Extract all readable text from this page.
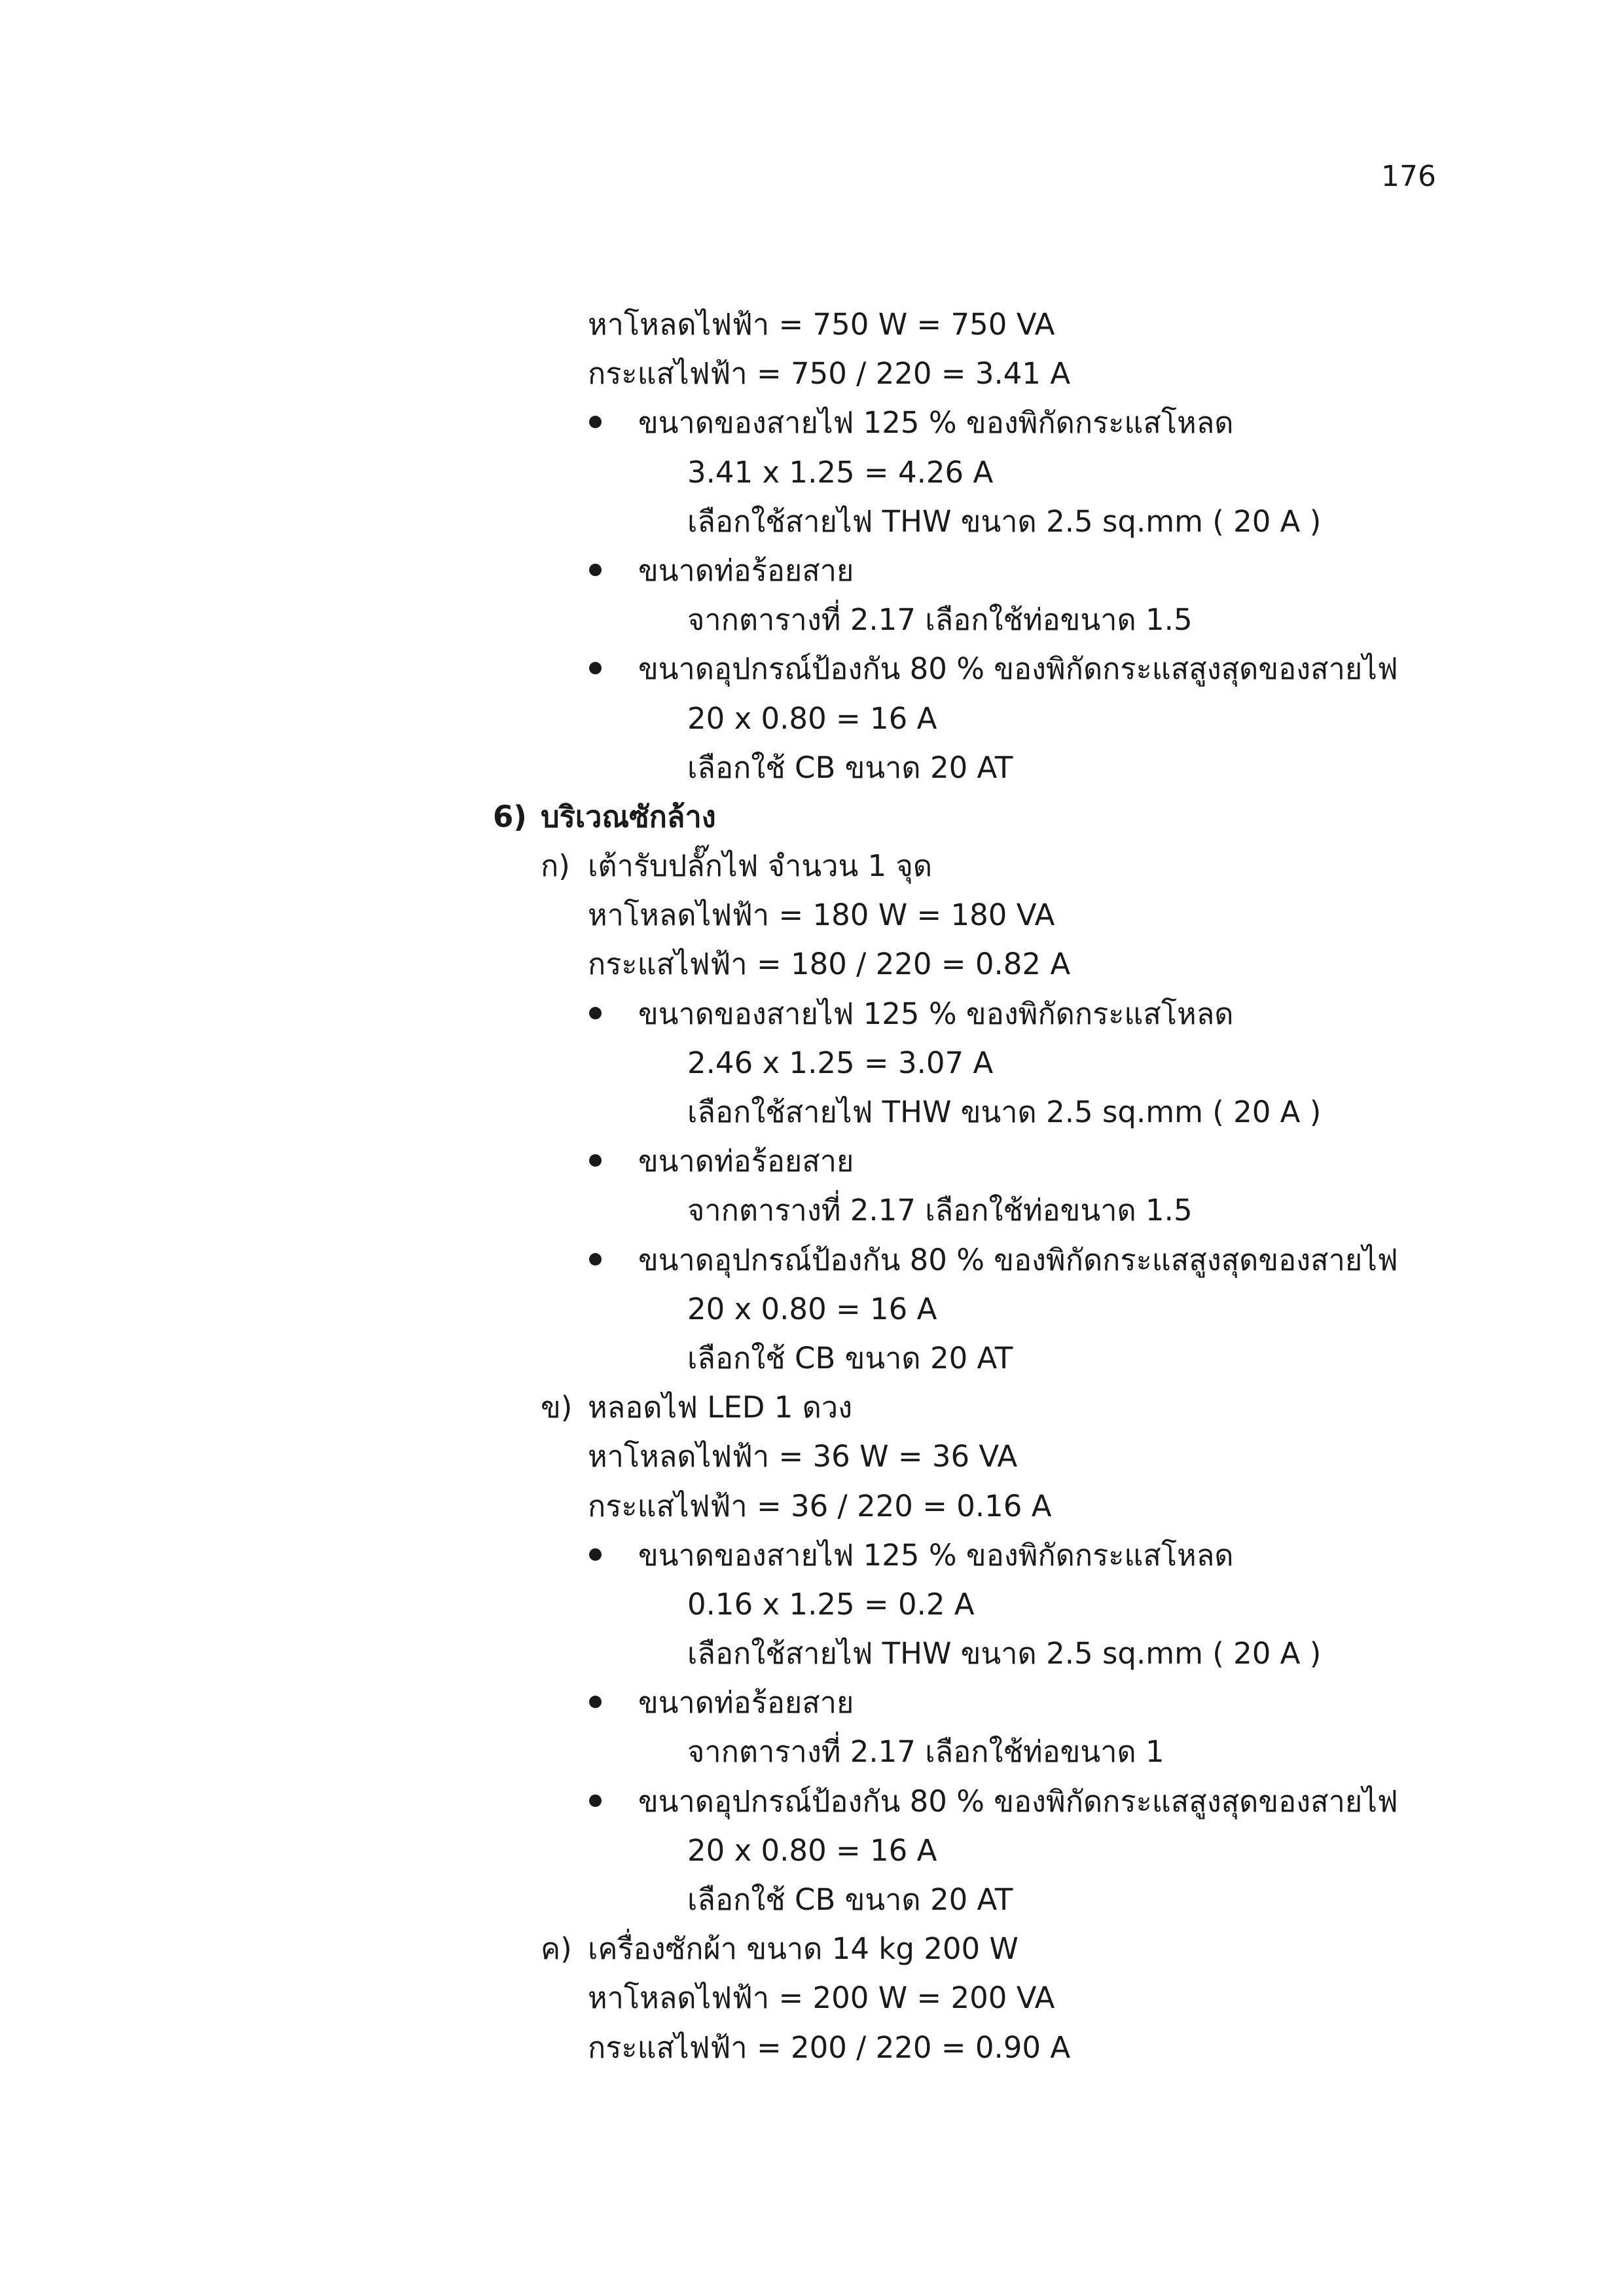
176
หาโหลดไฟฟ้า = 750 W = 750 VA
กระแสไฟฟ้า = 750 / 220 = 3.41 A
ขนาดของสายไฟ 125 % ของพิกัดกระแสโหลด
3.41 x 1.25 = 4.26 A
เลือกใช้สายไฟ THW ขนาด 2.5 sq.mm ( 20 A )
ขนาดท่อร้อยสาย
จากตารางที่ 2.17 เลือกใช้ท่อขนาด 1.5
ขนาดอุปกรณ์ป้องกัน 80 % ของพิกัดกระแสสูงสุดของสายไฟ
20 x 0.80 = 16 A
เลือกใช้ CB ขนาด 20 AT
6) บริเวณซักล้าง
ก) เต้ารับปลั๊กไฟ จำนวน 1 จุด
หาโหลดไฟฟ้า = 180 W = 180 VA
กระแสไฟฟ้า = 180 / 220 = 0.82 A
ขนาดของสายไฟ 125 % ของพิกัดกระแสโหลด
2.46 x 1.25 = 3.07 A
เลือกใช้สายไฟ THW ขนาด 2.5 sq.mm ( 20 A )
ขนาดท่อร้อยสาย
จากตารางที่ 2.17 เลือกใช้ท่อขนาด 1.5
ขนาดอุปกรณ์ป้องกัน 80 % ของพิกัดกระแสสูงสุดของสายไฟ
20 x 0.80 = 16 A
เลือกใช้ CB ขนาด 20 AT
ข) หลอดไฟ LED 1 ดวง
หาโหลดไฟฟ้า = 36 W = 36 VA
กระแสไฟฟ้า = 36 / 220 = 0.16 A
ขนาดของสายไฟ 125 % ของพิกัดกระแสโหลด
0.16 x 1.25 = 0.2 A
เลือกใช้สายไฟ THW ขนาด 2.5 sq.mm ( 20 A )
ขนาดท่อร้อยสาย
จากตารางที่ 2.17 เลือกใช้ท่อขนาด 1
ขนาดอุปกรณ์ป้องกัน 80 % ของพิกัดกระแสสูงสุดของสายไฟ
20 x 0.80 = 16 A
เลือกใช้ CB ขนาด 20 AT
ค) เครื่องซักผ้า ขนาด 14 kg 200 W
หาโหลดไฟฟ้า = 200 W = 200 VA
กระแสไฟฟ้า = 200 / 220 = 0.90 A
